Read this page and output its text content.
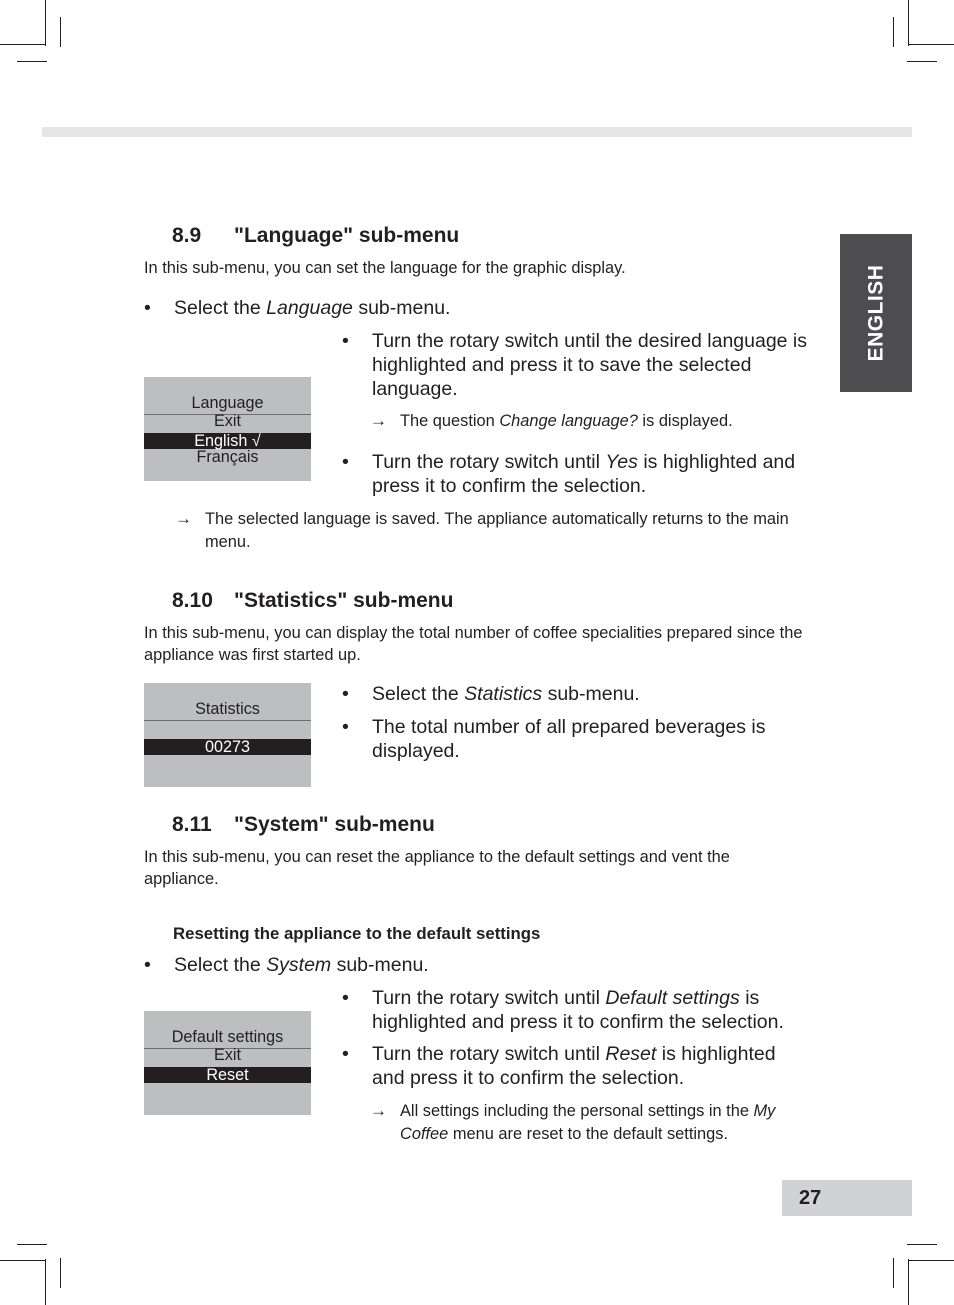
ENGLISH
8.9 "Language" sub-menu
In this sub-menu, you can set the language for the graphic display.
• Select the Language sub-menu.
Language
Exit
English √
Français
• Turn the rotary switch until the desired language is highlighted and press it to save the selected language.
→ The question Change language? is displayed.
• Turn the rotary switch until Yes is highlighted and press it to confirm the selection.
→ The selected language is saved. The appliance automatically returns to the main menu.
8.10 "Statistics" sub-menu
In this sub-menu, you can display the total number of coffee specialities prepared since the appliance was first started up.
Statistics
00273
• Select the Statistics sub-menu.
• The total number of all prepared beverages is displayed.
8.11 "System" sub-menu
In this sub-menu, you can reset the appliance to the default settings and vent the appliance.
Resetting the appliance to the default settings
• Select the System sub-menu.
Default settings
Exit
Reset
• Turn the rotary switch until Default settings is highlighted and press it to confirm the selection.
• Turn the rotary switch until Reset is highlighted and press it to confirm the selection.
→ All settings including the personal settings in the My Coffee menu are reset to the default settings.
27
